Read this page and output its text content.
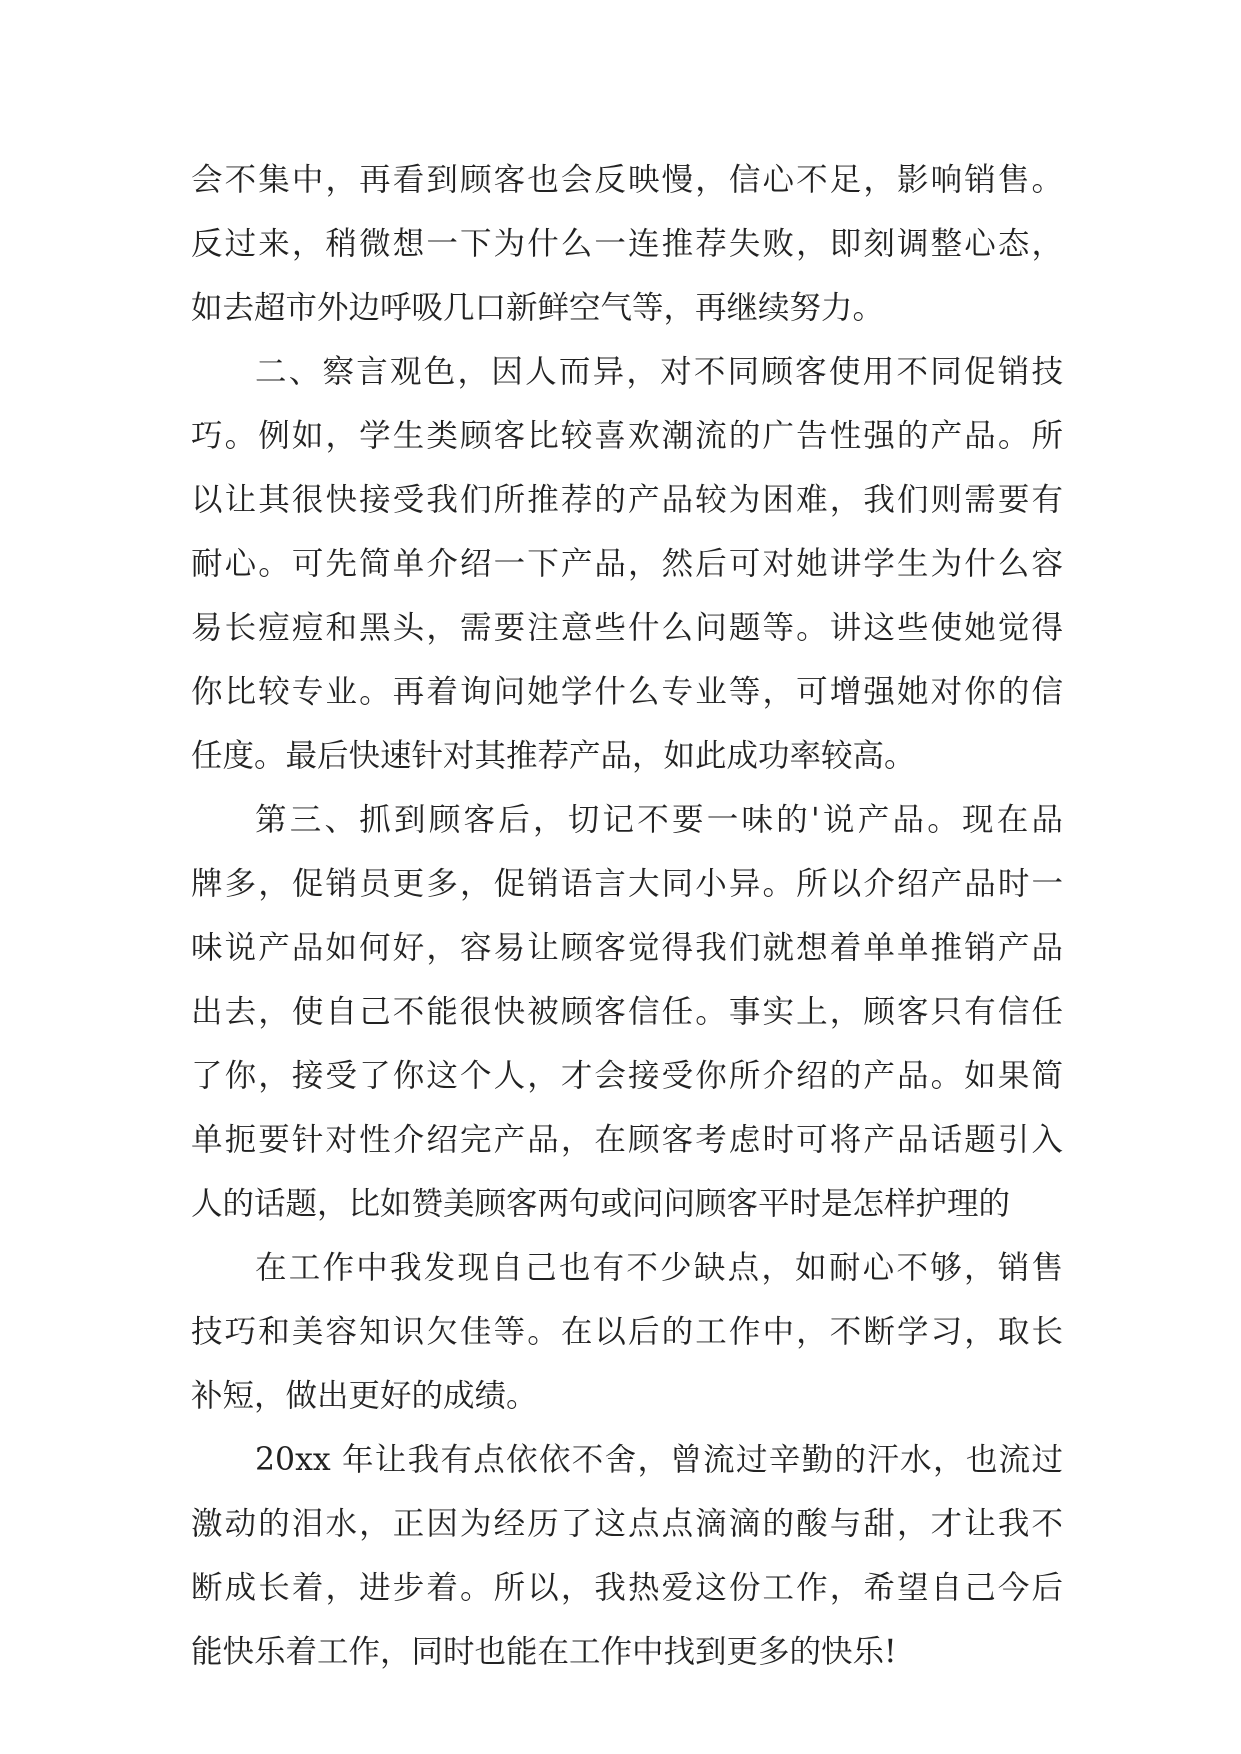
会不集中，再看到顾客也会反映慢，信心不足，影响销售。
反过来，稍微想一下为什么一连推荐失败，即刻调整心态，
如去超市外边呼吸几口新鲜空气等，再继续努力。
二、察言观色，因人而异，对不同顾客使用不同促销技
巧。例如，学生类顾客比较喜欢潮流的广告性强的产品。所
以让其很快接受我们所推荐的产品较为困难，我们则需要有
耐心。可先简单介绍一下产品，然后可对她讲学生为什么容
易长痘痘和黑头，需要注意些什么问题等。讲这些使她觉得
你比较专业。再着询问她学什么专业等，可增强她对你的信
任度。最后快速针对其推荐产品，如此成功率较高。
第三、抓到顾客后，切记不要一味的'说产品。现在品
牌多，促销员更多，促销语言大同小异。所以介绍产品时一
味说产品如何好，容易让顾客觉得我们就想着单单推销产品
出去，使自己不能很快被顾客信任。事实上，顾客只有信任
了你，接受了你这个人，才会接受你所介绍的产品。如果简
单扼要针对性介绍完产品，在顾客考虑时可将产品话题引入
人的话题，比如赞美顾客两句或问问顾客平时是怎样护理的
在工作中我发现自己也有不少缺点，如耐心不够，销售
技巧和美容知识欠佳等。在以后的工作中，不断学习，取长
补短，做出更好的成绩。
20xx 年让我有点依依不舍，曾流过辛勤的汗水，也流过
激动的泪水，正因为经历了这点点滴滴的酸与甜，才让我不
断成长着，进步着。所以，我热爱这份工作，希望自己今后
能快乐着工作，同时也能在工作中找到更多的快乐!
